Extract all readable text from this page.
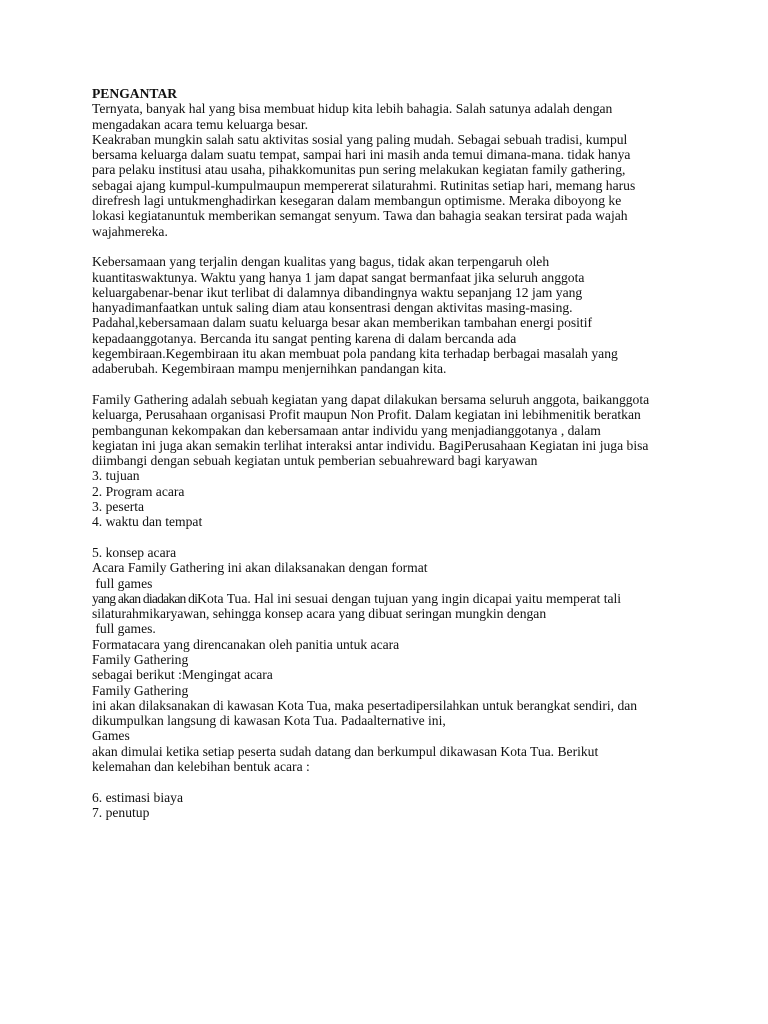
PENGANTAR
Ternyata, banyak hal yang bisa membuat hidup kita lebih bahagia. Salah satunya adalah dengan
mengadakan acara temu keluarga besar.
Keakraban mungkin salah satu aktivitas sosial yang paling mudah. Sebagai sebuah tradisi, kumpul
bersama keluarga dalam suatu tempat, sampai hari ini masih anda temui dimana-mana. tidak hanya
para pelaku institusi atau usaha, pihakkomunitas pun sering melakukan kegiatan family gathering,
sebagai ajang kumpul-kumpulmaupun mempererat silaturahmi. Rutinitas setiap hari, memang harus
direfresh lagi untukmenghadirkan kesegaran dalam membangun optimisme. Meraka diboyong ke
lokasi kegiatanuntuk memberikan semangat senyum. Tawa dan bahagia seakan tersirat pada wajah
wajahmereka.
Kebersamaan yang terjalin dengan kualitas yang bagus, tidak akan terpengaruh oleh
kuantitaswaktunya. Waktu yang hanya 1 jam dapat sangat bermanfaat jika seluruh anggota
keluargabenar-benar ikut terlibat di dalamnya dibandingnya waktu sepanjang 12 jam yang
hanyadimanfaatkan untuk saling diam atau konsentrasi dengan aktivitas masing-masing.
Padahal,kebersamaan dalam suatu keluarga besar akan memberikan tambahan energi positif
kepadaanggotanya. Bercanda itu sangat penting karena di dalam bercanda ada
kegembiraan.Kegembiraan itu akan membuat pola pandang kita terhadap berbagai masalah yang
adaberubah. Kegembiraan mampu menjernihkan pandangan kita.
Family Gathering adalah sebuah kegiatan yang dapat dilakukan bersama seluruh anggota, baikanggota
keluarga, Perusahaan organisasi Profit maupun Non Profit. Dalam kegiatan ini lebihmenitik beratkan
pembangunan kekompakan dan kebersamaan antar individu yang menjadianggotanya , dalam
kegiatan ini juga akan semakin terlihat interaksi antar individu. BagiPerusahaan Kegiatan ini juga bisa
diimbangi dengan sebuah kegiatan untuk pemberian sebuahreward bagi karyawan
3. tujuan
2. Program acara
3. peserta
4. waktu dan tempat
5. konsep acara
Acara Family Gathering ini akan dilaksanakan dengan format
full games
yang akan diadakan diKota Tua. Hal ini sesuai dengan tujuan yang ingin dicapai yaitu memperat tali
silaturahmikaryawan, sehingga konsep acara yang dibuat seringan mungkin dengan
full games.
Formatacara yang direncanakan oleh panitia untuk acara
Family Gathering
sebagai berikut :Mengingat acara
Family Gathering
ini akan dilaksanakan di kawasan Kota Tua, maka pesertadipersilahkan untuk berangkat sendiri, dan
dikumpulkan langsung di kawasan Kota Tua. Padaalternative ini,
Games
akan dimulai ketika setiap peserta sudah datang dan berkumpul dikawasan Kota Tua. Berikut
kelemahan dan kelebihan bentuk acara :
6. estimasi biaya
7. penutup
